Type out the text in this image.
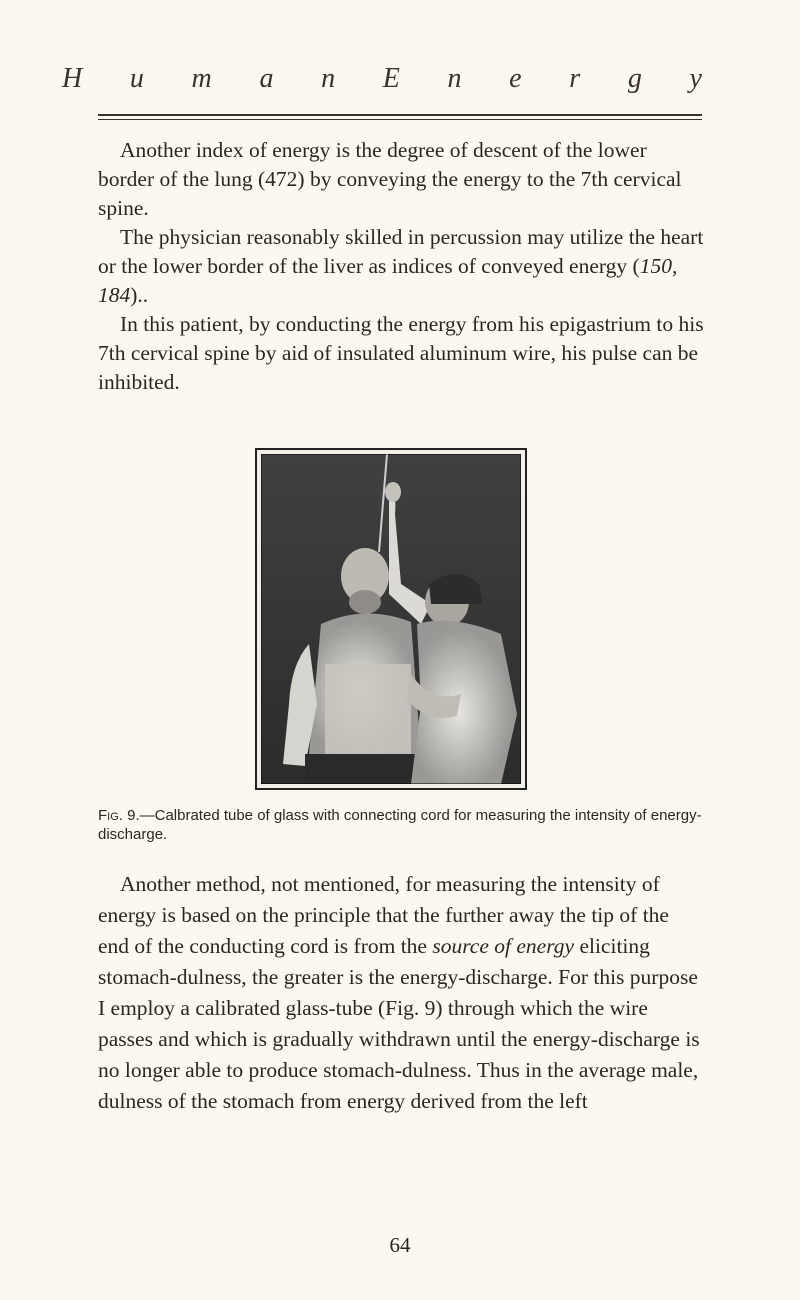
H u m a n E n e r g y
Another index of energy is the degree of descent of the lower border of the lung (472) by conveying the energy to the 7th cervical spine.
The physician reasonably skilled in percussion may utilize the heart or the lower border of the liver as indices of conveyed energy (150, 184)..
In this patient, by conducting the energy from his epigastrium to his 7th cervical spine by aid of insulated aluminum wire, his pulse can be inhibited.

Fig. 9.—Calbrated tube of glass with connecting cord for measuring the intensity of energy-discharge.

Another method, not mentioned, for measuring the intensity of energy is based on the principle that the further away the tip of the end of the conducting cord is from the source of energy eliciting stomach-dulness, the greater is the energy-discharge. For this purpose I employ a calibrated glass-tube (Fig. 9) through which the wire passes and which is gradually withdrawn until the energy-discharge is no longer able to produce stomach-dulness. Thus in the average male, dulness of the stomach from energy derived from the left

64
